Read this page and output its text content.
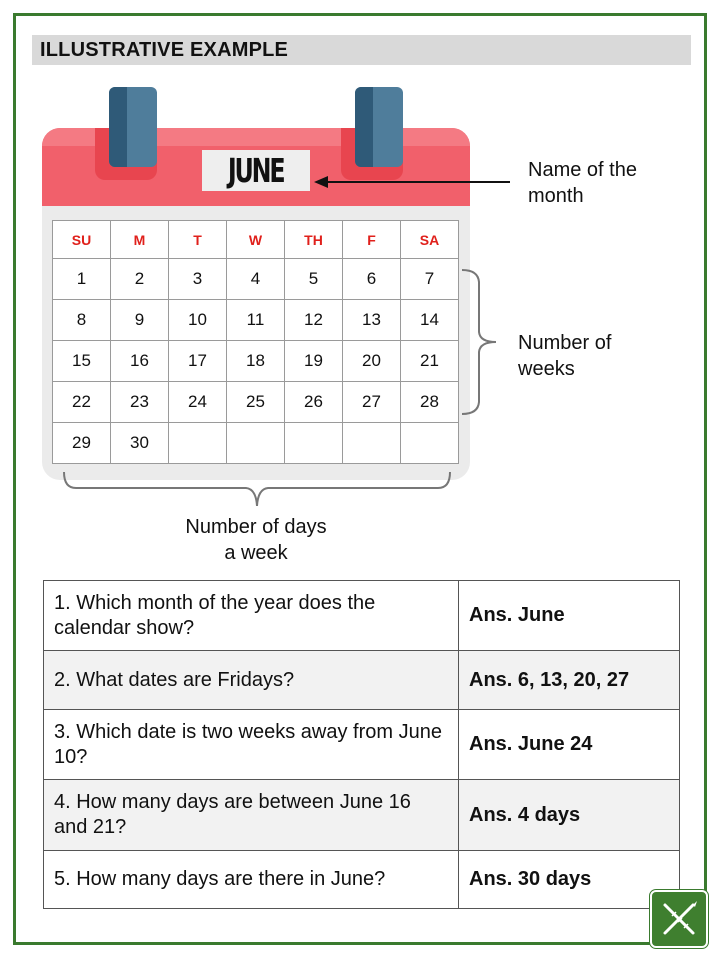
ILLUSTRATIVE EXAMPLE
JUNE
SU	M	T	W	TH	F	SA
1	2	3	4	5	6	7
8	9	10	11	12	13	14
15	16	17	18	19	20	21
22	23	24	25	26	27	28
29	30					
Name of the
month
Number of
weeks
Number of days
a week
1. Which month of the year does the calendar show?	Ans. June
2. What dates are Fridays?	Ans. 6, 13, 20, 27
3. Which date is two weeks away from June 10?	Ans. June 24
4. How many days are between June 16 and 21?	Ans. 4 days
5. How many days are there in June?	Ans. 30 days
